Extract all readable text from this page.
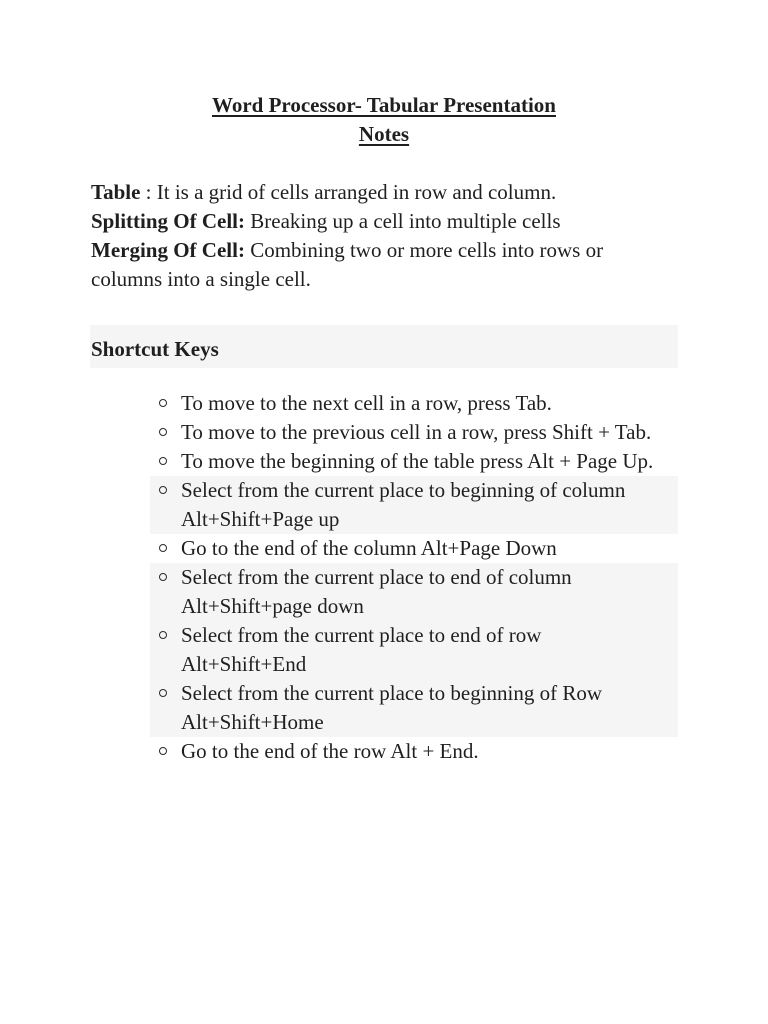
Word Processor- Tabular Presentation
Notes

Table : It is a grid of cells arranged in row and column.

Splitting Of Cell: Breaking up a cell into multiple cells

Merging Of Cell: Combining two or more cells into rows or

columns into a single cell.

Shortcut Keys
To move to the next cell in a row, press Tab.
To move to the previous cell in a row, press Shift + Tab.
To move the beginning of the table press Alt + Page Up.
Select from the current place to beginning of column
Alt+Shift+Page up
Go to the end of the column Alt+Page Down
Select from the current place to end of column
Alt+Shift+page down
Select from the current place to end of row
Alt+Shift+End
Select from the current place to beginning of Row
Alt+Shift+Home
Go to the end of the row Alt + End.
